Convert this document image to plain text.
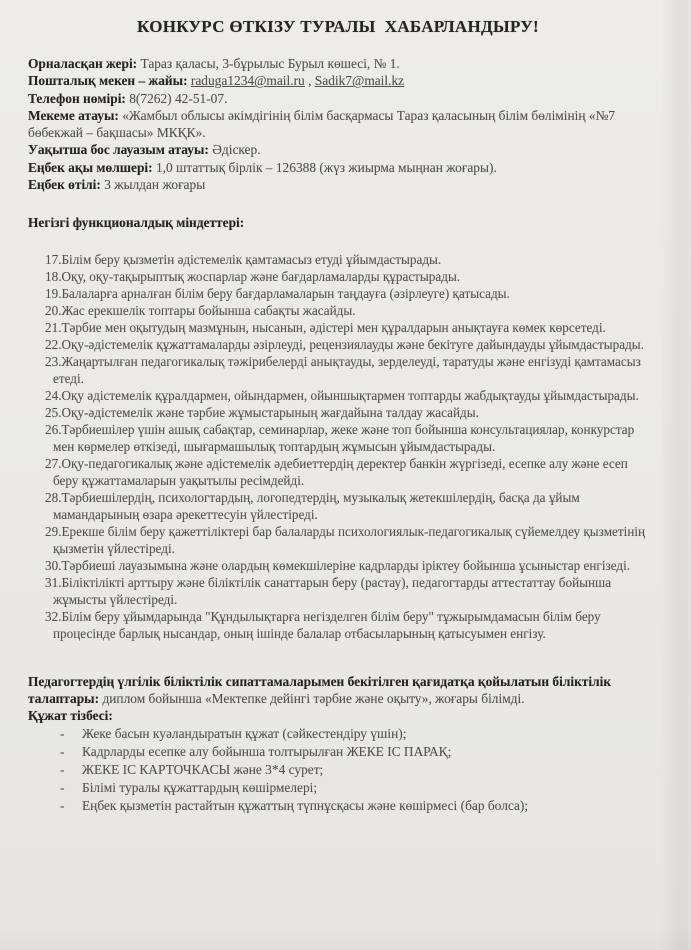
КОНКУРС ӨТКІЗУ ТУРАЛЫ  ХАБАРЛАНДЫРУ!

Орналасқан жері: Тараз қаласы, 3-бұрылыс Бурыл көшесі, № 1.

Пошталық мекен – жайы: raduga1234@mail.ru , Sadik7@mail.kz

Телефон нөмірі: 8(7262) 42-51-07.

Мекеме атауы: «Жамбыл облысы әкімдігінің білім басқармасы Тараз қаласының білім бөлімінің «№7 бөбекжай – бақшасы» МКҚК».

Уақытша бос лауазым атауы: Әдіскер.

Еңбек ақы мөлшері: 1,0 штаттық бірлік – 126388 (жүз жиырма мыңнан жоғары).

Еңбек өтілі: 3 жылдан жоғары

Негізгі функционалдық міндеттері:

17.Білім беру қызметін әдістемелік қамтамасыз етуді ұйымдастырады.
18.Оқу, оқу-тақырыптық жоспарлар және бағдарламаларды құрастырады.
19.Балаларға арналған білім беру бағдарламаларын таңдауға (әзірлеуге) қатысады.
20.Жас ерекшелік топтары бойынша сабақты жасайды.
21.Тәрбие мен оқытудың мазмұнын, нысанын, әдістері мен құралдарын анықтауға көмек көрсетеді.
22.Оқу-әдістемелік құжаттамаларды әзірлеуді, рецензиялауды және бекітуге дайындауды ұйымдастырады.
23.Жаңартылған педагогикалық тәжірибелерді анықтауды, зерделеуді, таратуды және енгізуді қамтамасыз етеді.
24.Оқу әдістемелік құралдармен, ойындармен, ойыншықтармен топтарды жабдықтауды ұйымдастырады.
25.Оқу-әдістемелік және тәрбие жұмыстарының жағдайына талдау жасайды.
26.Тәрбиешілер үшін ашық сабақтар, семинарлар, жеке және топ бойынша консультациялар, конкурстар мен көрмелер өткізеді, шығармашылық топтардың жұмысын ұйымдастырады.
27.Оқу-педагогикалық және әдістемелік әдебиеттердің деректер банкін жүргізеді, есепке алу және есеп беру құжаттамаларын уақытылы ресімдейді.
28.Тәрбиешілердің, психологтардың, логопедтердің, музыкалық жетекшілердің, басқа да ұйым мамандарының өзара әрекеттесуін үйлестіреді.
29.Ерекше білім беру қажеттіліктері бар балаларды психологиялык-педагогикалық сүйемелдеу қызметінің қызметін үйлестіреді.
30.Тәрбиеші лауазымына және олардың көмекшілеріне кадрларды іріктеу бойынша ұсыныстар енгізеді.
31.Біліктілікті арттыру және біліктілік санаттарын беру (растау), педагогтарды аттестаттау бойынша жұмысты үйлестіреді.
32.Білім беру ұйымдарында "Құндылықтарға негізделген білім беру" тұжырымдамасын білім беру процесінде барлық нысандар, оның ішінде балалар отбасыларының қатысуымен енгізу.
Педагогтердің үлгілік біліктілік сипаттамаларымен бекітілген қағидатқа қойылатын біліктілік талаптары: диплом бойынша «Мектепке дейінгі тәрбие және оқыту», жоғары білімді.

Құжат тізбесі:

-	Жеке басын куәландыратын құжат (сәйкестендіру үшін);
-	Кадрларды есепке алу бойынша толтырылған ЖЕКЕ ІС ПАРАҚ;
-	ЖЕКЕ ІС КАРТОЧКАСЫ және 3*4 сурет;
-	Білімі туралы құжаттардың көшірмелері;
-	Еңбек қызметін растайтын құжаттың түпнұсқасы және көшірмесі (бар болса);
